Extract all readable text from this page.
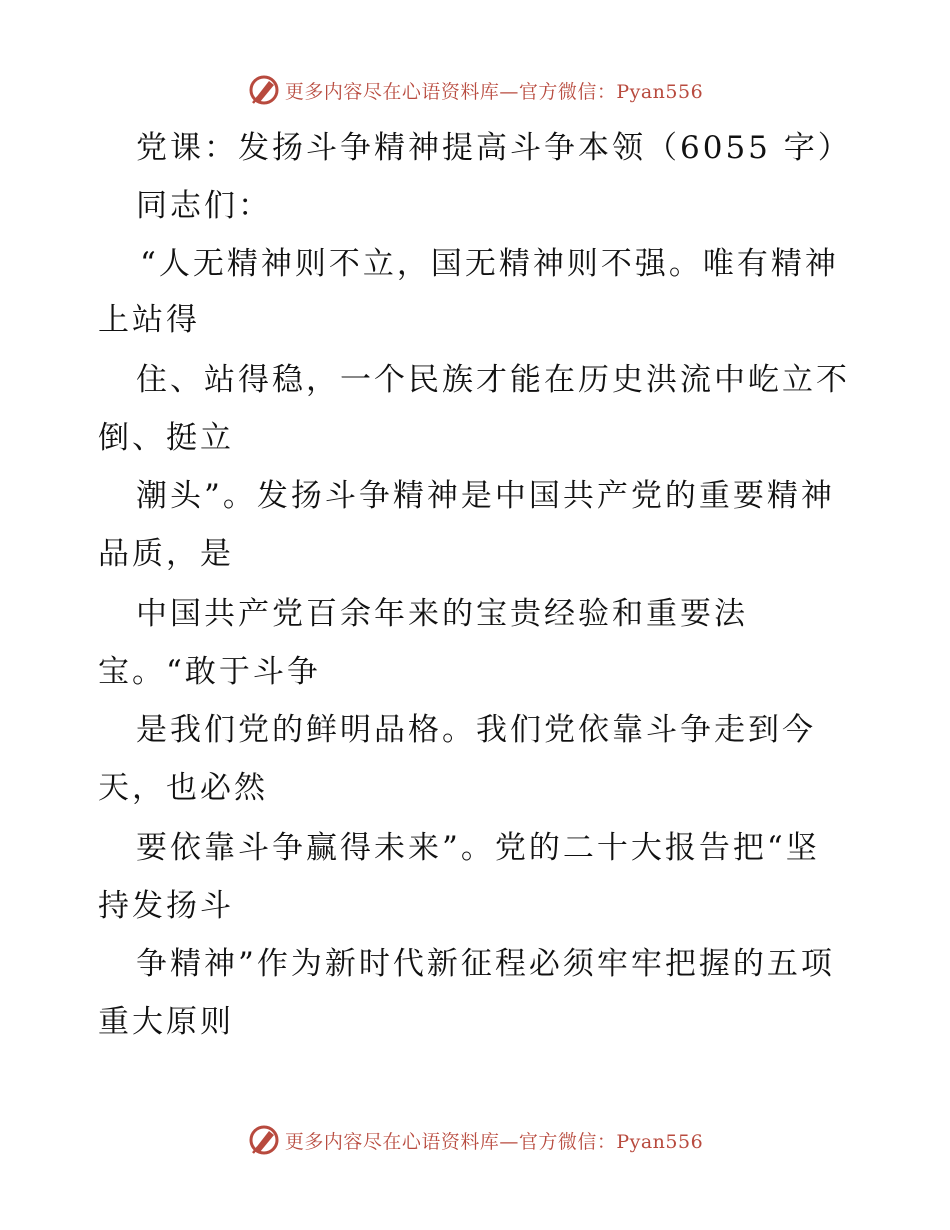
更多内容尽在心语资料库—官方微信：Pyan556
党课：发扬斗争精神提高斗争本领（6055 字）
同志们：
“人无精神则不立，国无精神则不强。唯有精神
上站得
住、站得稳，一个民族才能在历史洪流中屹立不
倒、挺立
潮头”。发扬斗争精神是中国共产党的重要精神
品质，是
中国共产党百余年来的宝贵经验和重要法
宝。“敢于斗争
是我们党的鲜明品格。我们党依靠斗争走到今
天，也必然
要依靠斗争赢得未来”。党的二十大报告把“坚
持发扬斗
争精神”作为新时代新征程必须牢牢把握的五项
重大原则
更多内容尽在心语资料库—官方微信：Pyan556
